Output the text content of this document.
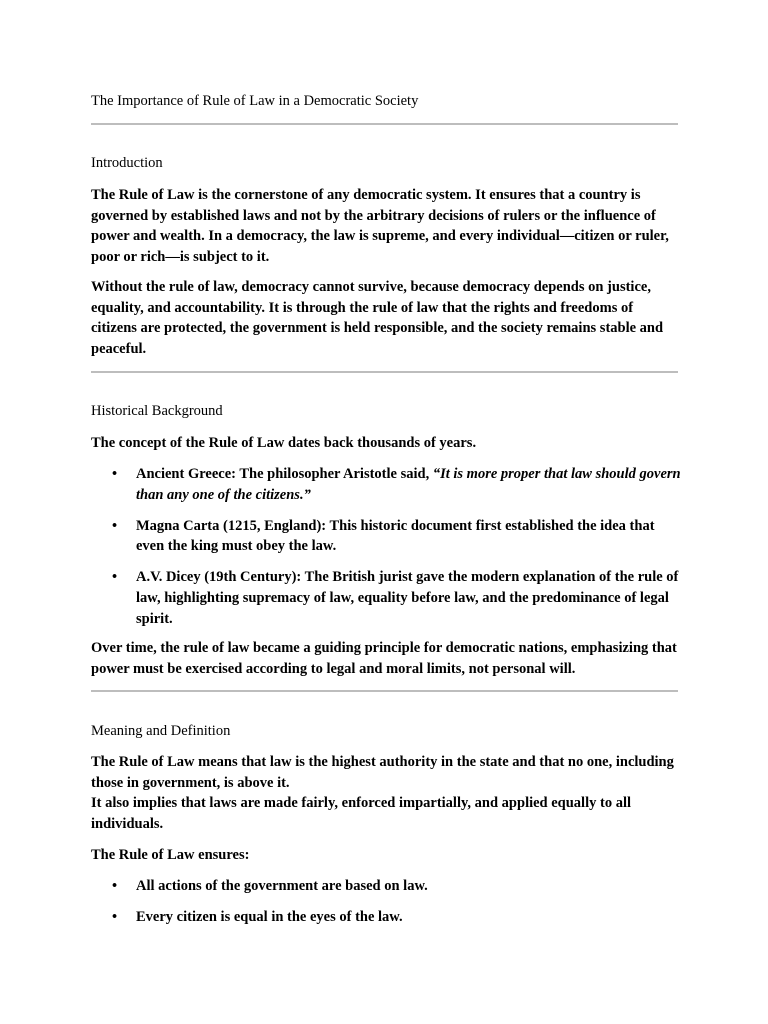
The Importance of Rule of Law in a Democratic Society
Introduction

The Rule of Law is the cornerstone of any democratic system. It ensures that a country is governed by established laws and not by the arbitrary decisions of rulers or the influence of power and wealth. In a democracy, the law is supreme, and every individual—citizen or ruler, poor or rich—is subject to it.

Without the rule of law, democracy cannot survive, because democracy depends on justice, equality, and accountability. It is through the rule of law that the rights and freedoms of citizens are protected, the government is held responsible, and the society remains stable and peaceful.

Historical Background

The concept of the Rule of Law dates back thousands of years.

• Ancient Greece: The philosopher Aristotle said, “It is more proper that law should govern than any one of the citizens.”
• Magna Carta (1215, England): This historic document first established the idea that even the king must obey the law.
• A.V. Dicey (19th Century): The British jurist gave the modern explanation of the rule of law, highlighting supremacy of law, equality before law, and the predominance of legal spirit.

Over time, the rule of law became a guiding principle for democratic nations, emphasizing that power must be exercised according to legal and moral limits, not personal will.

Meaning and Definition
The Rule of Law means that law is the highest authority in the state and that no one, including those in government, is above it.
It also implies that laws are made fairly, enforced impartially, and applied equally to all individuals.

The Rule of Law ensures:

• All actions of the government are based on law.
• Every citizen is equal in the eyes of the law.
